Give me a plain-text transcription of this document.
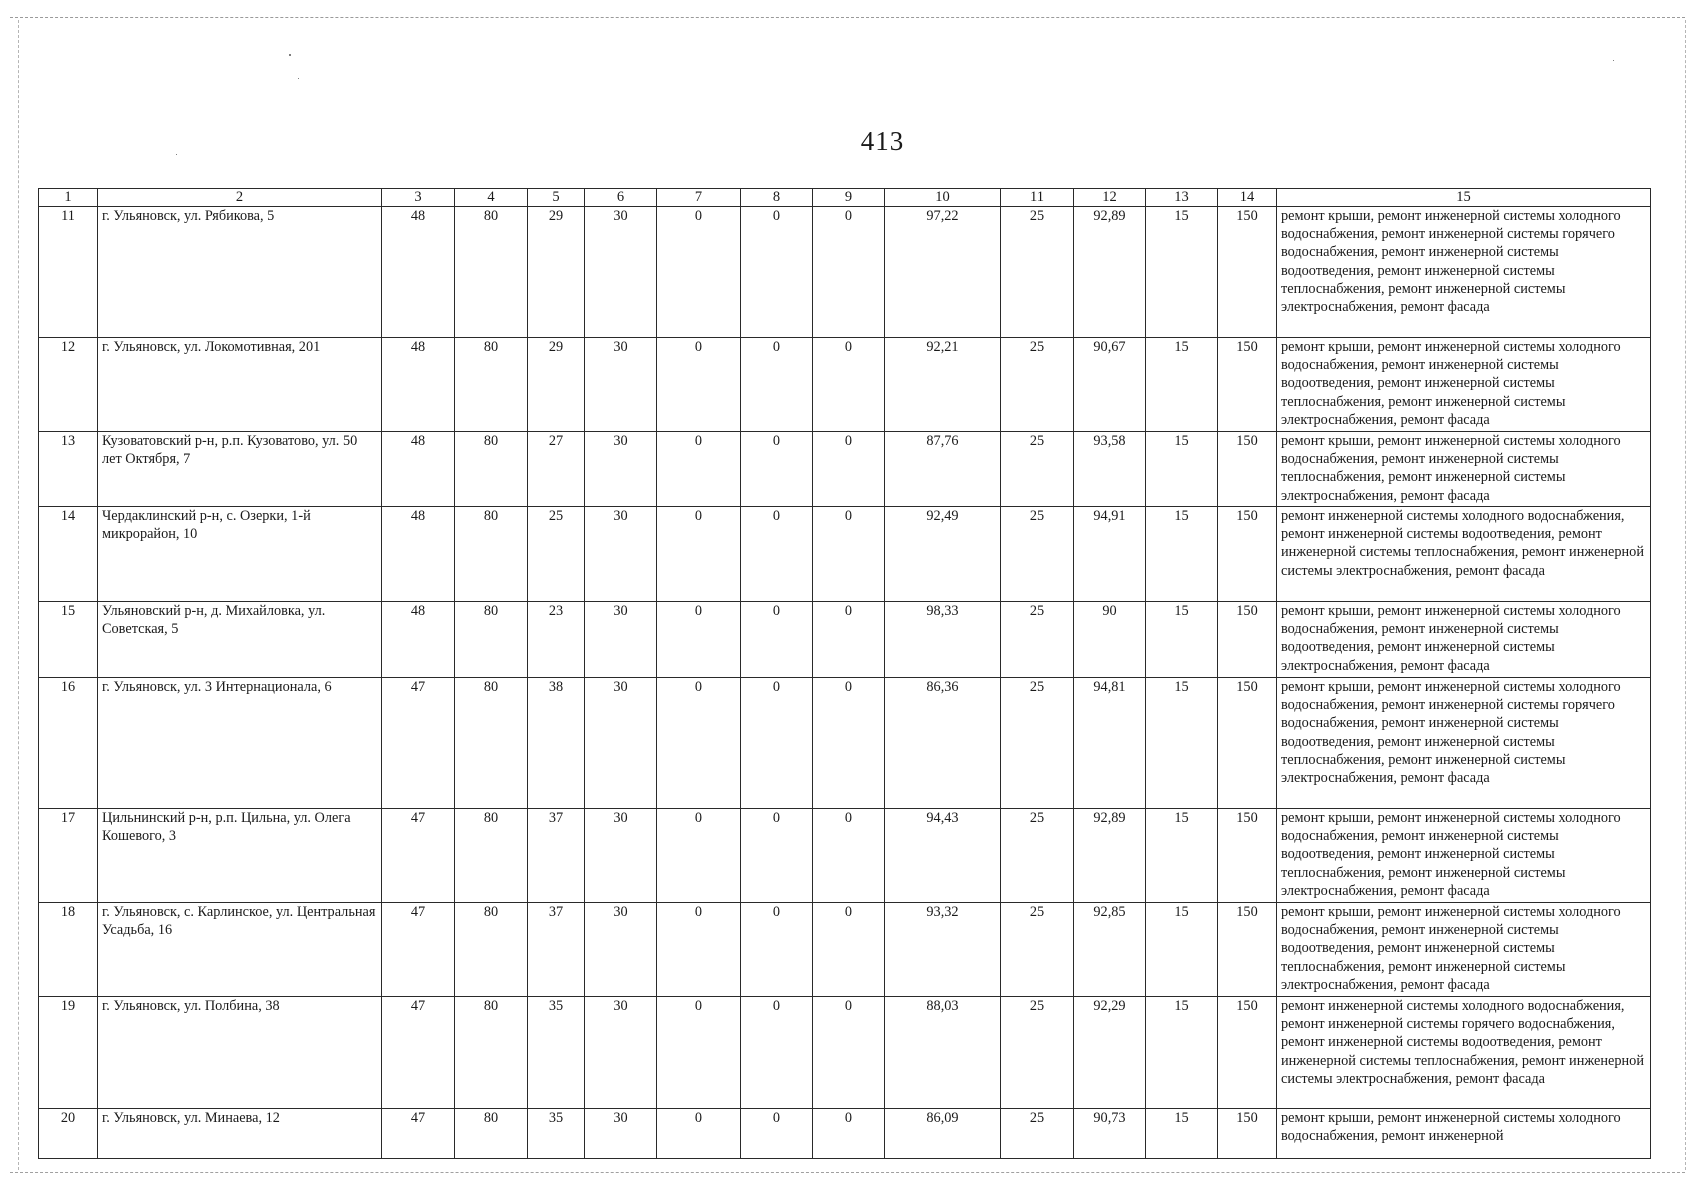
413
1	2	3	4	5	6	7	8	9	10	11	12	13	14	15
11	г. Ульяновск, ул. Рябикова, 5	48	80	29	30	0	0	0	97,22	25	92,89	15	150	ремонт крыши, ремонт инженерной системы холодного водоснабжения, ремонт инженерной системы горячего водоснабжения, ремонт инженерной системы водоотведения, ремонт инженерной системы теплоснабжения, ремонт инженерной системы электроснабжения, ремонт фасада
12	г. Ульяновск, ул. Локомотивная, 201	48	80	29	30	0	0	0	92,21	25	90,67	15	150	ремонт крыши, ремонт инженерной системы холодного водоснабжения, ремонт инженерной системы водоотведения, ремонт инженерной системы теплоснабжения, ремонт инженерной системы электроснабжения, ремонт фасада
13	Кузоватовский р-н, р.п. Кузоватово, ул. 50 лет Октября, 7	48	80	27	30	0	0	0	87,76	25	93,58	15	150	ремонт крыши, ремонт инженерной системы холодного водоснабжения, ремонт инженерной системы теплоснабжения, ремонт инженерной системы электроснабжения, ремонт фасада
14	Чердаклинский р-н, с. Озерки, 1-й микрорайон, 10	48	80	25	30	0	0	0	92,49	25	94,91	15	150	ремонт инженерной системы холодного водоснабжения, ремонт инженерной системы водоотведения, ремонт инженерной системы теплоснабжения, ремонт инженерной системы электроснабжения, ремонт фасада
15	Ульяновский р-н, д. Михайловка, ул. Советская, 5	48	80	23	30	0	0	0	98,33	25	90	15	150	ремонт крыши, ремонт инженерной системы холодного водоснабжения, ремонт инженерной системы водоотведения, ремонт инженерной системы электроснабжения, ремонт фасада
16	г. Ульяновск, ул. 3 Интернационала, 6	47	80	38	30	0	0	0	86,36	25	94,81	15	150	ремонт крыши, ремонт инженерной системы холодного водоснабжения, ремонт инженерной системы горячего водоснабжения, ремонт инженерной системы водоотведения, ремонт инженерной системы теплоснабжения, ремонт инженерной системы электроснабжения, ремонт фасада
17	Цильнинский р-н, р.п. Цильна, ул. Олега Кошевого, 3	47	80	37	30	0	0	0	94,43	25	92,89	15	150	ремонт крыши, ремонт инженерной системы холодного водоснабжения, ремонт инженерной системы водоотведения, ремонт инженерной системы теплоснабжения, ремонт инженерной системы электроснабжения, ремонт фасада
18	г. Ульяновск, с. Карлинское, ул. Центральная Усадьба, 16	47	80	37	30	0	0	0	93,32	25	92,85	15	150	ремонт крыши, ремонт инженерной системы холодного водоснабжения, ремонт инженерной системы водоотведения, ремонт инженерной системы теплоснабжения, ремонт инженерной системы электроснабжения, ремонт фасада
19	г. Ульяновск, ул. Полбина, 38	47	80	35	30	0	0	0	88,03	25	92,29	15	150	ремонт инженерной системы холодного водоснабжения, ремонт инженерной системы горячего водоснабжения, ремонт инженерной системы водоотведения, ремонт инженерной системы теплоснабжения, ремонт инженерной системы электроснабжения, ремонт фасада
20	г. Ульяновск, ул. Минаева, 12	47	80	35	30	0	0	0	86,09	25	90,73	15	150	ремонт крыши, ремонт инженерной системы холодного водоснабжения, ремонт инженерной
